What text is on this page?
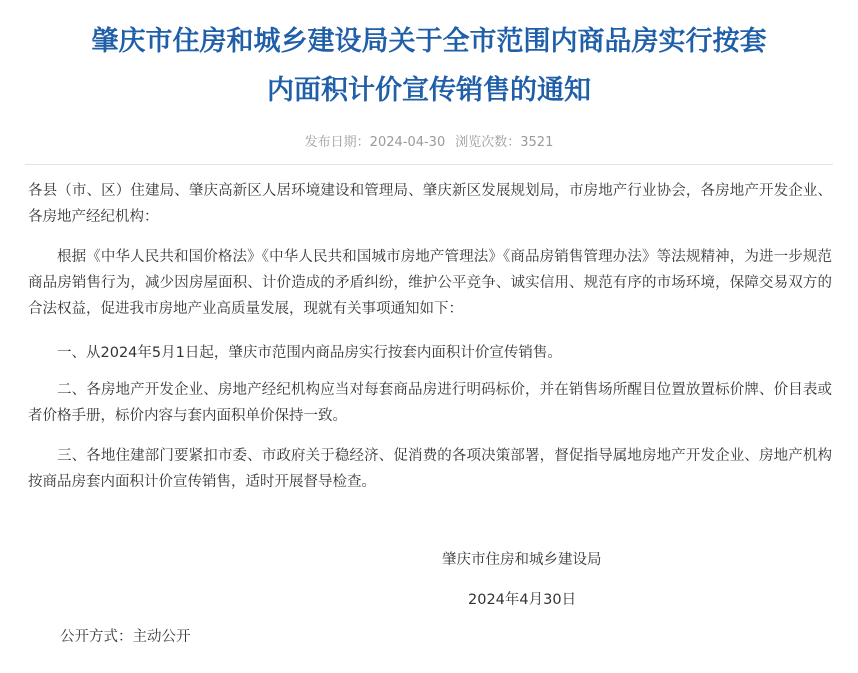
肇庆市住房和城乡建设局关于全市范围内商品房实行按套
内面积计价宣传销售的通知
发布日期：2024-04-30 浏览次数：3521

各县（市、区）住建局、肇庆高新区人居环境建设和管理局、肇庆新区发展规划局，市房地产行业协会，各房地产开发企业、各房地产经纪机构：

根据《中华人民共和国价格法》《中华人民共和国城市房地产管理法》《商品房销售管理办法》等法规精神，为进一步规范商品房销售行为，减少因房屋面积、计价造成的矛盾纠纷，维护公平竞争、诚实信用、规范有序的市场环境，保障交易双方的合法权益，促进我市房地产业高质量发展，现就有关事项通知如下：

一、从2024年5月1日起，肇庆市范围内商品房实行按套内面积计价宣传销售。

二、各房地产开发企业、房地产经纪机构应当对每套商品房进行明码标价，并在销售场所醒目位置放置标价牌、价目表或者价格手册，标价内容与套内面积单价保持一致。

三、各地住建部门要紧扣市委、市政府关于稳经济、促消费的各项决策部署，督促指导属地房地产开发企业、房地产机构按商品房套内面积计价宣传销售，适时开展督导检查。

肇庆市住房和城乡建设局
2024年4月30日
公开方式：主动公开
